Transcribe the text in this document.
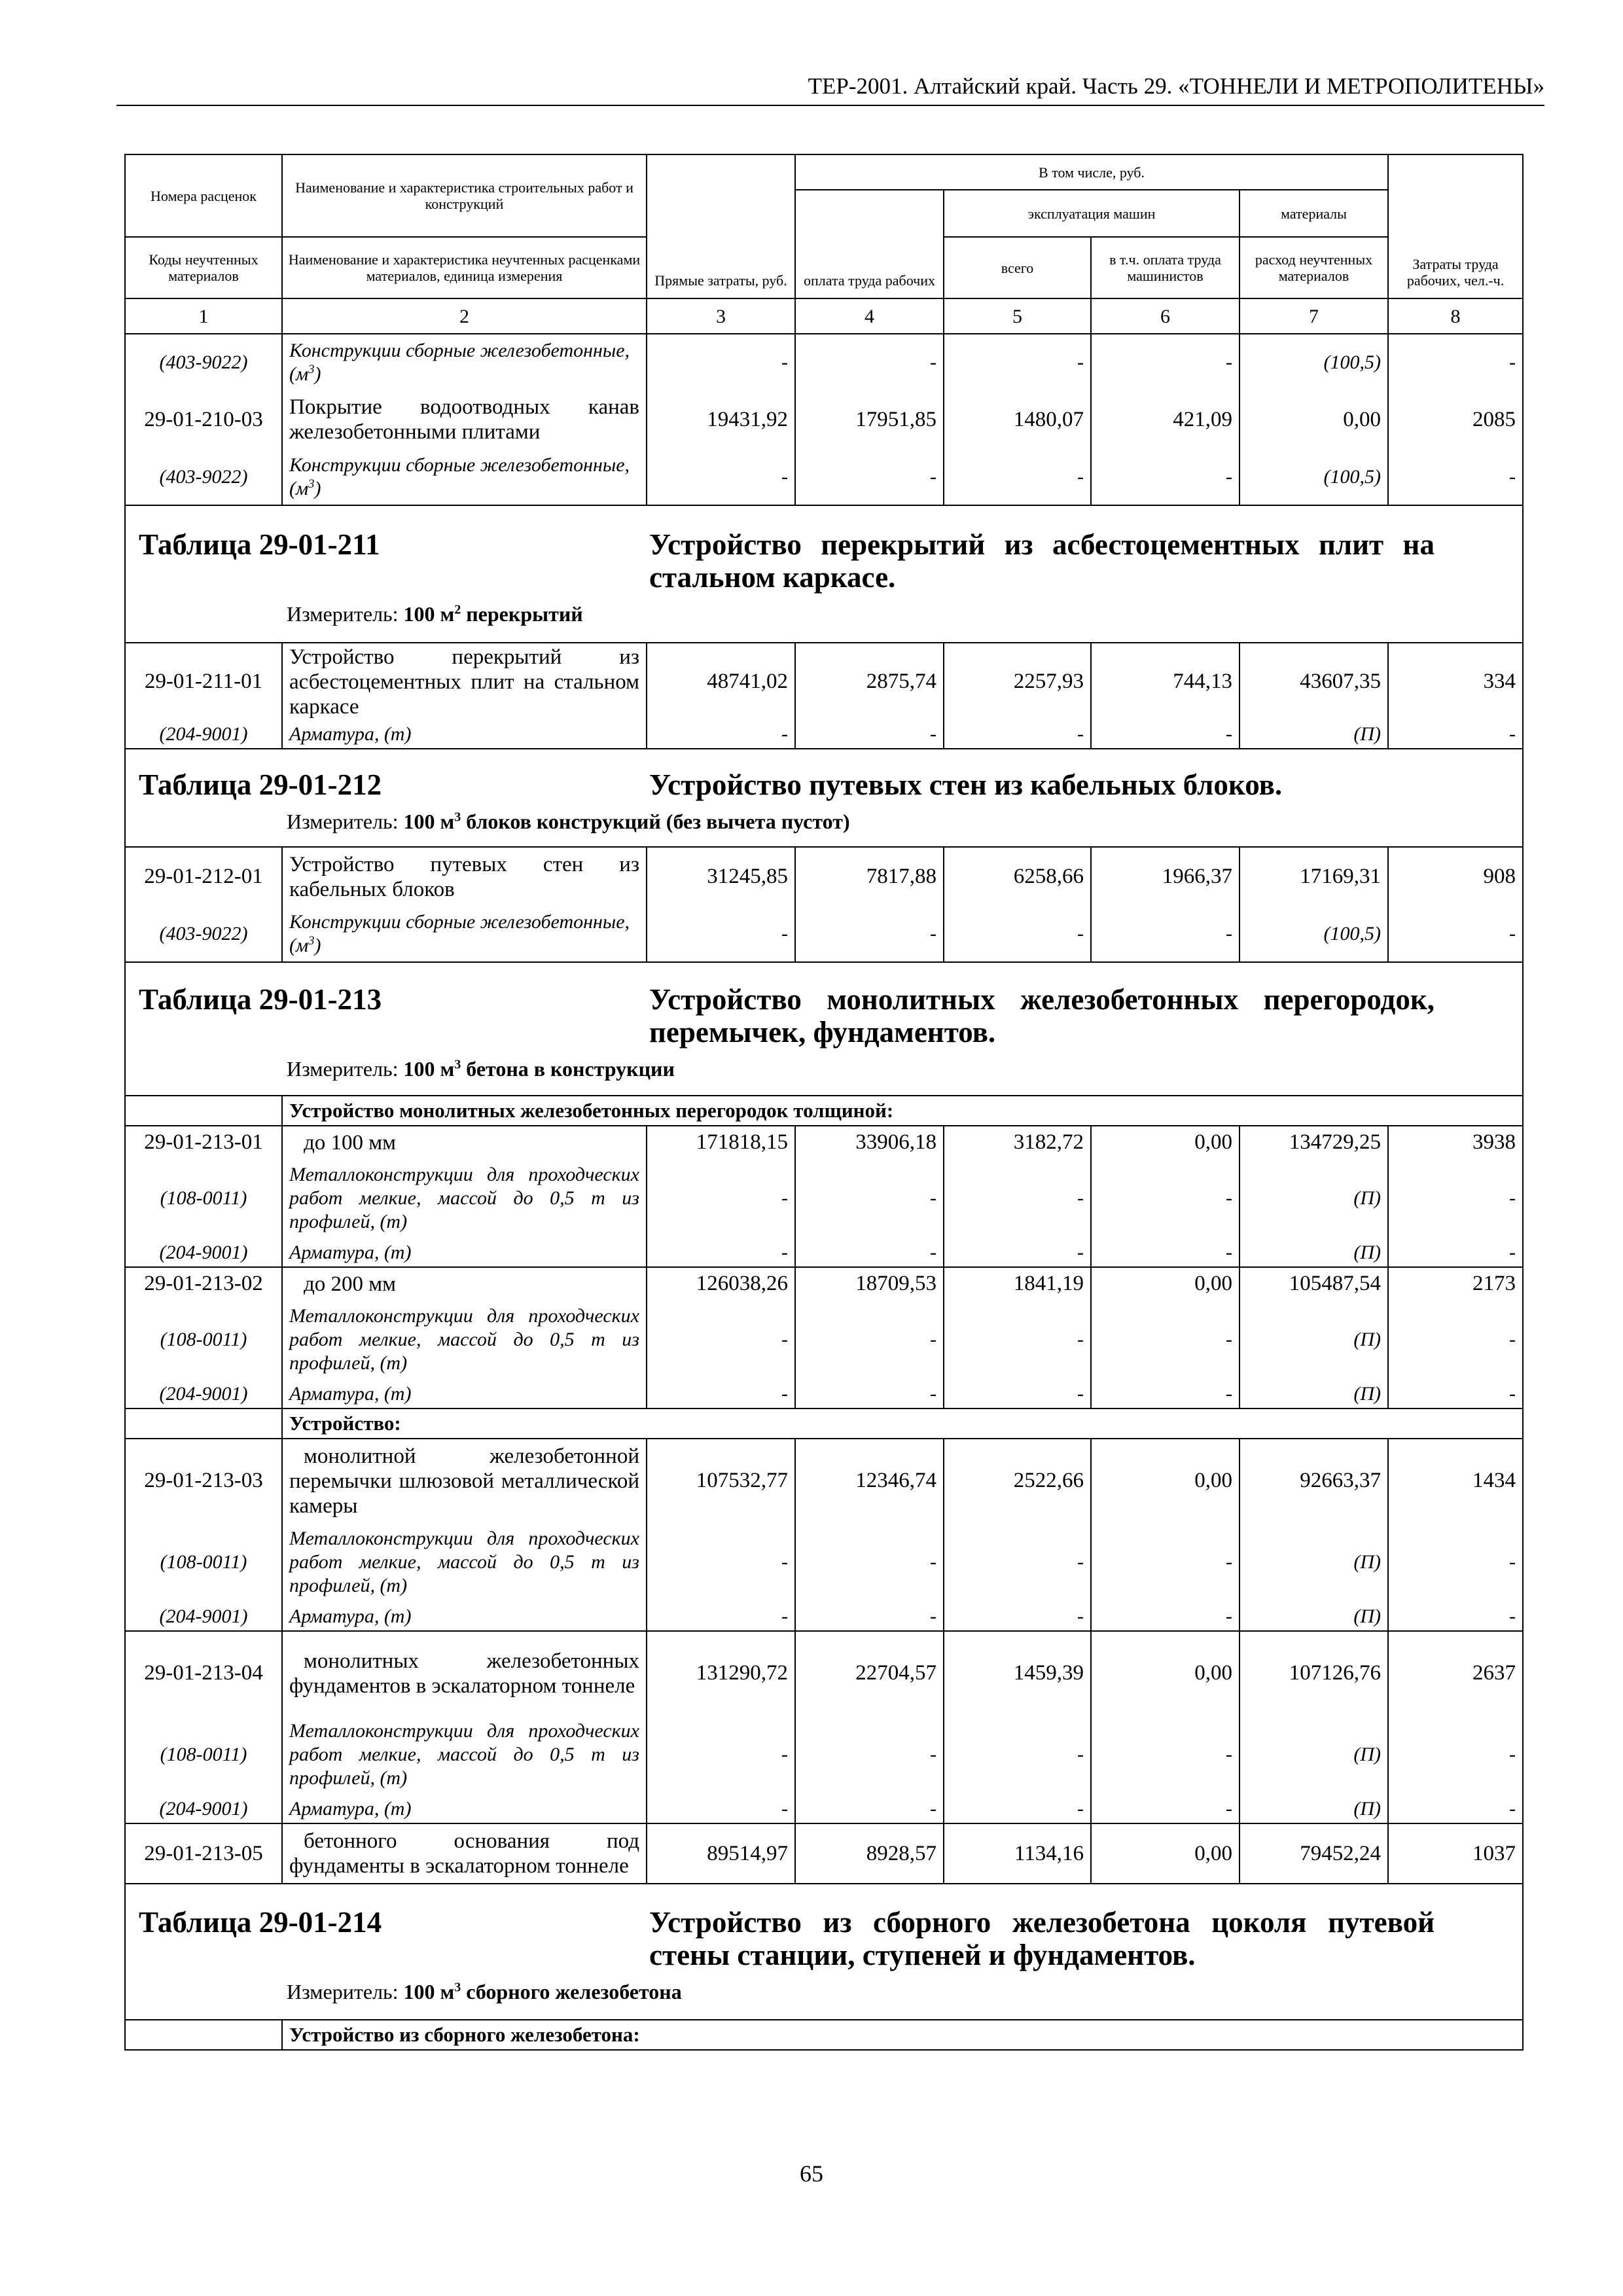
ТЕР-2001. Алтайский край. Часть 29. «ТОННЕЛИ И МЕТРОПОЛИТЕНЫ»
Номера расценок	Наименование и характеристика строительных работ и конструкций	Прямые затраты, руб.	В том числе, руб.				Затраты труда рабочих, чел.-ч.
			оплата труда рабочих	эксплуатация машин		материалы	
Коды неучтенных материалов	Наименование и характеристика неучтенных расценками материалов, единица измерения			всего	в т.ч. оплата труда машинистов	расход неучтенных материалов	
1	2	3	4	5	6	7	8
(403-9022)	Конструкции сборные железобетонные, $(м^3)$	-	-	-	-	(100,5)	-
29-01-210-03	Покрытие водоотводных канав железобетонными плитами	19431,92	17951,85	1480,07	421,09	0,00	2085
(403-9022)	Конструкции сборные железобетонные, $(м^3)$	-	-	-	-	(100,5)	-

Таблица 29-01-211 Устройство перекрытий из асбестоцементных плит на стальном каркасе.
Измеритель: 100 $м^2$ перекрытий							

29-01-211-01	Устройство перекрытий из асбестоцементных плит на стальном каркасе	48741,02	2875,74	2257,93	744,13	43607,35	334
(204-9001)	Арматура, (т)	-	-	-	-	(П)	-

Таблица 29-01-212 Устройство путевых стен из кабельных блоков.
Измеритель: 100 $м^3$ блоков конструкций (без вычета пустот)							

29-01-212-01	Устройство путевых стен из кабельных блоков	31245,85	7817,88	6258,66	1966,37	17169,31	908
(403-9022)	Конструкции сборные железобетонные, $(м^3)$	-	-	-	-	(100,5)	-

Таблица 29-01-213 Устройство монолитных железобетонных перегородок, перемычек, фундаментов.
Измеритель: 100 $м^3$ бетона в конструкции							

	Устройство монолитных железобетонных перегородок толщиной:						
29-01-213-01	до 100 мм	171818,15	33906,18	3182,72	0,00	134729,25	3938
(108-0011)	Металлоконструкции для проходческих работ мелкие, массой до 0,5 т из профилей, (т)	-	-	-	-	(П)	-
(204-9001)	Арматура, (т)	-	-	-	-	(П)	-
29-01-213-02	до 200 мм	126038,26	18709,53	1841,19	0,00	105487,54	2173
(108-0011)	Металлоконструкции для проходческих работ мелкие, массой до 0,5 т из профилей, (т)	-	-	-	-	(П)	-
(204-9001)	Арматура, (т)	-	-	-	-	(П)	-
	Устройство:						
29-01-213-03	монолитной железобетонной перемычки шлюзовой металлической камеры	107532,77	12346,74	2522,66	0,00	92663,37	1434
(108-0011)	Металлоконструкции для проходческих работ мелкие, массой до 0,5 т из профилей, (т)	-	-	-	-	(П)	-
(204-9001)	Арматура, (т)	-	-	-	-	(П)	-
29-01-213-04	монолитных железобетонных фундаментов в эскалаторном тоннеле	131290,72	22704,57	1459,39	0,00	107126,76	2637
(108-0011)	Металлоконструкции для проходческих работ мелкие, массой до 0,5 т из профилей, (т)	-	-	-	-	(П)	-
(204-9001)	Арматура, (т)	-	-	-	-	(П)	-
29-01-213-05	бетонного основания под фундаменты в эскалаторном тоннеле	89514,97	8928,57	1134,16	0,00	79452,24	1037

Таблица 29-01-214 Устройство из сборного железобетона цоколя путевой стены станции, ступеней и фундаментов.
Измеритель: 100 $м^3$ сборного железобетона							

	Устройство из сборного железобетона:						
65
